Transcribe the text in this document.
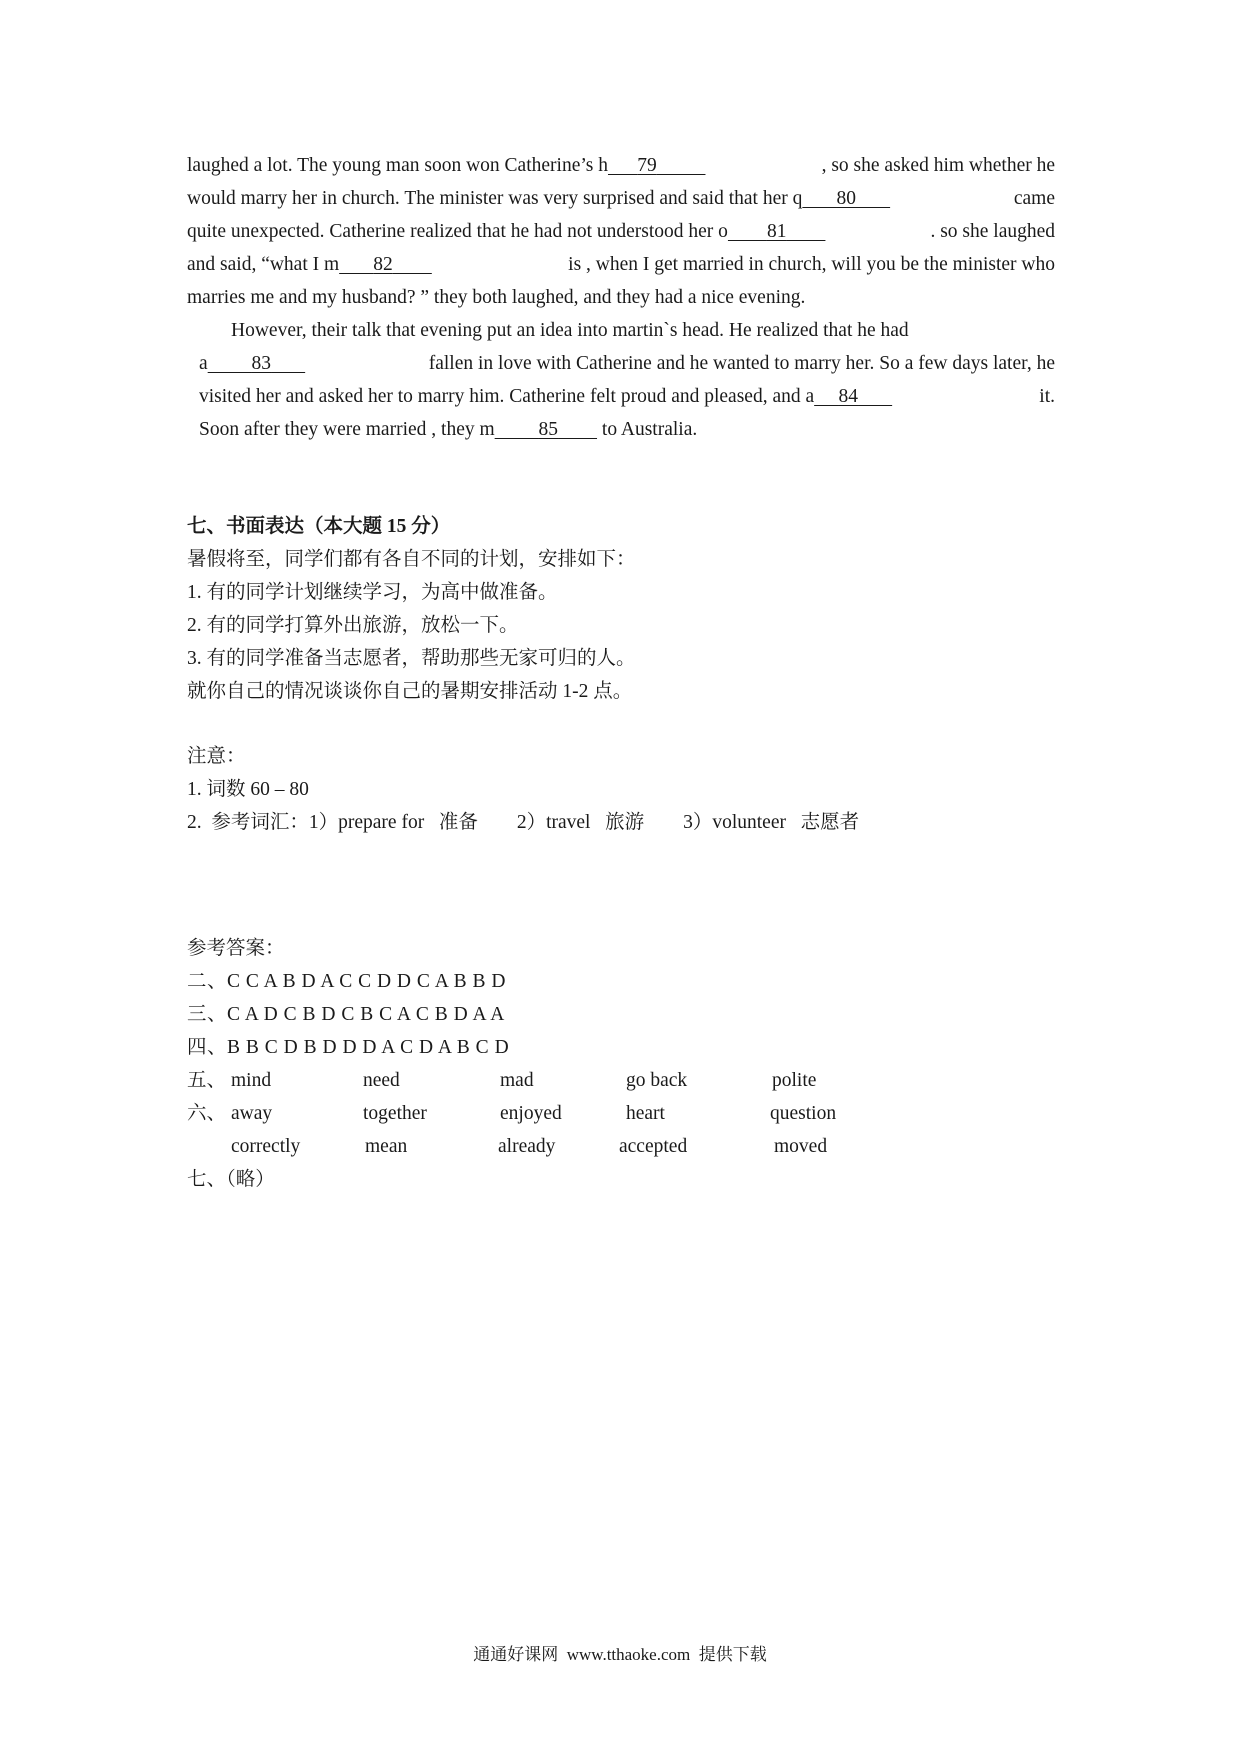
laughed a lot. The young man soon won Catherine’s h 79	, so she asked him whether he
would marry her in church. The minister was very surprised and said that her q 80	came
quite unexpected. Catherine realized that he had not understood her o 81	. so she laughed
and said, “what I m 82	is , when I get married in church, will you be the minister who
marries me and my husband? ” they both laughed, and they had a nice evening.
However, their talk that evening put an idea into martin`s head. He realized that he had
a 83	fallen in love with Catherine and he wanted to marry her. So a few days later, he
visited her and asked her to marry him. Catherine felt proud and pleased, and a 84	it.
Soon after they were married , they m 85         to Australia.
七、书面表达（本大题 15 分）
暑假将至，同学们都有各自不同的计划，安排如下：
1. 有的同学计划继续学习，为高中做准备。
2. 有的同学打算外出旅游，放松一下。
3. 有的同学准备当志愿者，帮助那些无家可归的人。
就你自己的情况谈谈你自己的暑期安排活动 1-2 点。
注意：
1. 词数 60 – 80
2.  参考词汇：1）prepare for   准备        2）travel   旅游        3）volunteer   志愿者
参考答案：
二、C C A B D A C C D D C A B B D
三、C A D C B D C B C A C B D A A
四、B B C D B D D D A C D A B C D
五、 mind	need	mad	go back	polite
六、 away	together	enjoyed	heart	question
correctly	mean	already	accepted	moved
七、（略）
通通好课网  www.tthaoke.com  提供下载
